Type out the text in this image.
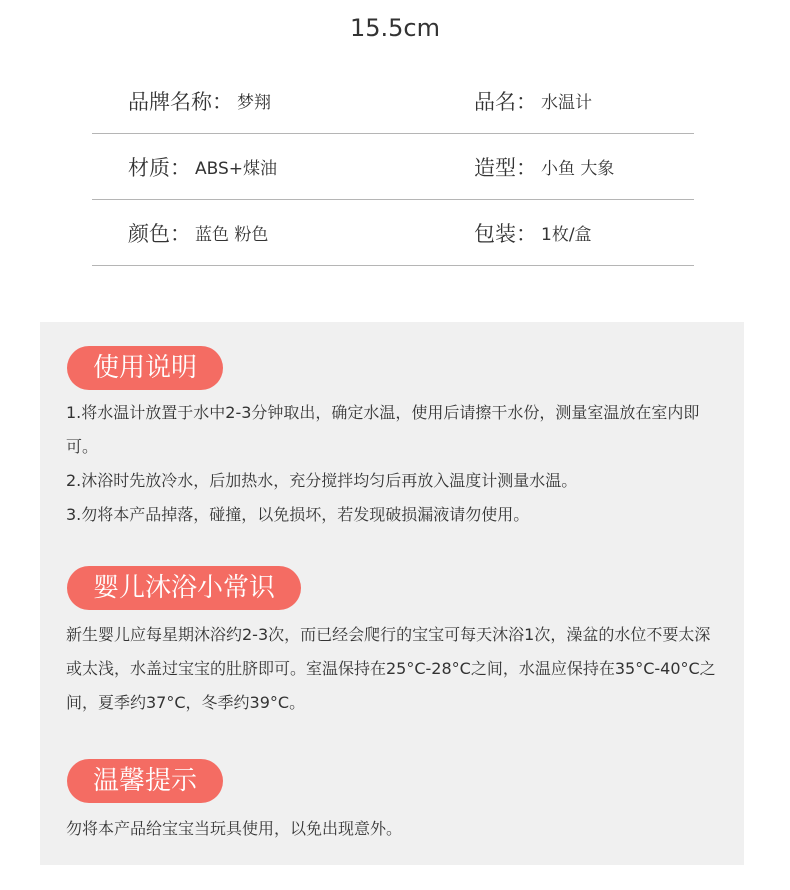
15.5cm
品牌名称： 梦翔	品名： 水温计
材质： ABS+煤油	造型： 小鱼 大象
颜色： 蓝色 粉色	包装： 1枚/盒
使用说明

1.将水温计放置于水中2-3分钟取出，确定水温，使用后请擦干水份，测量室温放在室内即可。

2.沐浴时先放冷水，后加热水，充分搅拌均匀后再放入温度计测量水温。

3.勿将本产品掉落，碰撞，以免损坏，若发现破损漏液请勿使用。

婴儿沐浴小常识

新生婴儿应每星期沐浴约2-3次，而已经会爬行的宝宝可每天沐浴1次，澡盆的水位不要太深或太浅，水盖过宝宝的肚脐即可。室温保持在25°C-28°C之间，水温应保持在35°C-40°C之间，夏季约37°C，冬季约39°C。

温馨提示

勿将本产品给宝宝当玩具使用，以免出现意外。
